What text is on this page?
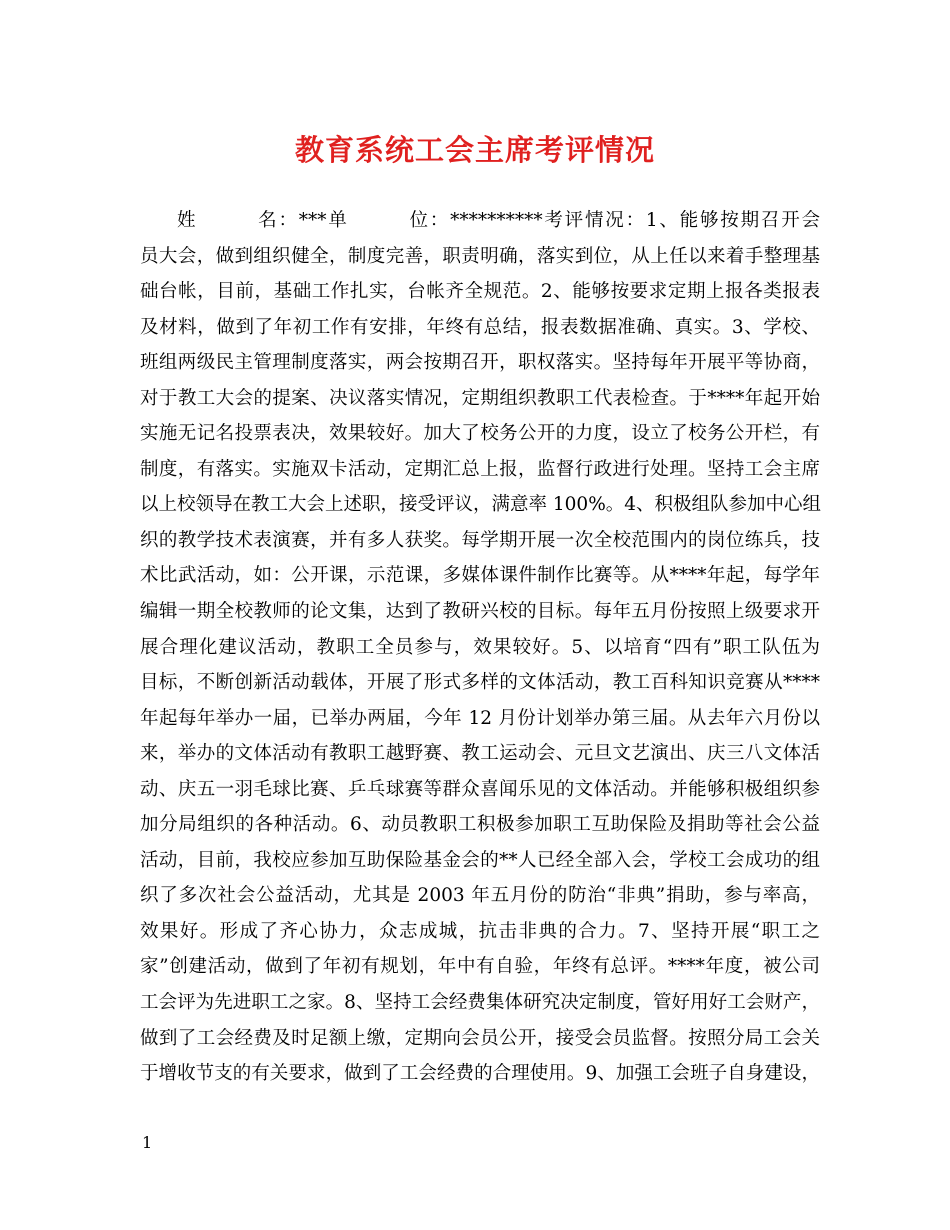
教育系统工会主席考评情况
姓　　　名：***单　　　位：**********考评情况：1、能够按期召开会
员大会，做到组织健全，制度完善，职责明确，落实到位，从上任以来着手整理基
础台帐，目前，基础工作扎实，台帐齐全规范。2、能够按要求定期上报各类报表
及材料，做到了年初工作有安排，年终有总结，报表数据准确、真实。3、学校、
班组两级民主管理制度落实，两会按期召开，职权落实。坚持每年开展平等协商，
对于教工大会的提案、决议落实情况，定期组织教职工代表检查。于****年起开始
实施无记名投票表决，效果较好。加大了校务公开的力度，设立了校务公开栏，有
制度，有落实。实施双卡活动，定期汇总上报，监督行政进行处理。坚持工会主席
以上校领导在教工大会上述职，接受评议，满意率 100%。4、积极组队参加中心组
织的教学技术表演赛，并有多人获奖。每学期开展一次全校范围内的岗位练兵，技
术比武活动，如：公开课，示范课，多媒体课件制作比赛等。从****年起，每学年
编辑一期全校教师的论文集，达到了教研兴校的目标。每年五月份按照上级要求开
展合理化建议活动，教职工全员参与，效果较好。5、以培育“四有”职工队伍为
目标，不断创新活动载体，开展了形式多样的文体活动，教工百科知识竞赛从****
年起每年举办一届，已举办两届，今年 12 月份计划举办第三届。从去年六月份以
来，举办的文体活动有教职工越野赛、教工运动会、元旦文艺演出、庆三八文体活
动、庆五一羽毛球比赛、乒乓球赛等群众喜闻乐见的文体活动。并能够积极组织参
加分局组织的各种活动。6、动员教职工积极参加职工互助保险及捐助等社会公益
活动，目前，我校应参加互助保险基金会的**人已经全部入会，学校工会成功的组
织了多次社会公益活动，尤其是 2003 年五月份的防治“非典”捐助，参与率高，
效果好。形成了齐心协力，众志成城，抗击非典的合力。7、坚持开展“职工之
家”创建活动，做到了年初有规划，年中有自验，年终有总评。****年度，被公司
工会评为先进职工之家。8、坚持工会经费集体研究决定制度，管好用好工会财产，
做到了工会经费及时足额上缴，定期向会员公开，接受会员监督。按照分局工会关
于增收节支的有关要求，做到了工会经费的合理使用。9、加强工会班子自身建设，
1
